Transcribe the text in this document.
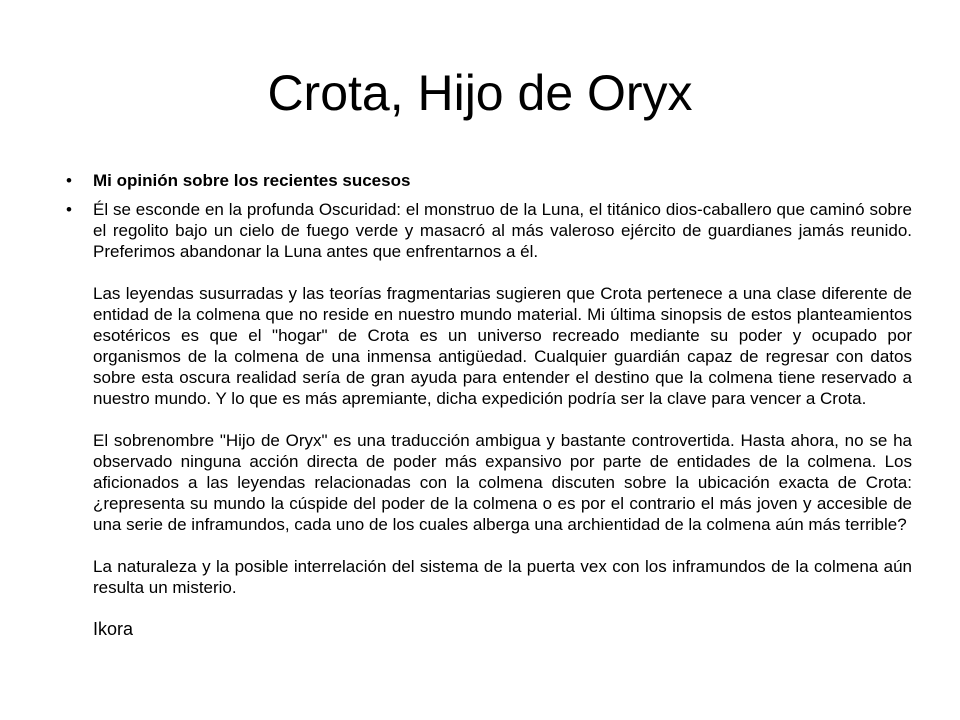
Crota, Hijo de Oryx
•	Mi opinión sobre los recientes sucesos
•	Él se esconde en la profunda Oscuridad: el monstruo de la Luna, el titánico dios-caballero que caminó sobre el regolito bajo un cielo de fuego verde y masacró al más valeroso ejército de guardianes jamás reunido. Preferimos abandonar la Luna antes que enfrentarnos a él.

Las leyendas susurradas y las teorías fragmentarias sugieren que Crota pertenece a una clase diferente de entidad de la colmena que no reside en nuestro mundo material. Mi última sinopsis de estos planteamientos esotéricos es que el "hogar" de Crota es un universo recreado mediante su poder y ocupado por organismos de la colmena de una inmensa antigüedad. Cualquier guardián capaz de regresar con datos sobre esta oscura realidad sería de gran ayuda para entender el destino que la colmena tiene reservado a nuestro mundo. Y lo que es más apremiante, dicha expedición podría ser la clave para vencer a Crota.

El sobrenombre "Hijo de Oryx" es una traducción ambigua y bastante controvertida. Hasta ahora, no se ha observado ninguna acción directa de poder más expansivo por parte de entidades de la colmena. Los aficionados a las leyendas relacionadas con la colmena discuten sobre la ubicación exacta de Crota: ¿representa su mundo la cúspide del poder de la colmena o es por el contrario el más joven y accesible de una serie de inframundos, cada uno de los cuales alberga una archientidad de la colmena aún más terrible?

La naturaleza y la posible interrelación del sistema de la puerta vex con los inframundos de la colmena aún resulta un misterio.

Ikora
